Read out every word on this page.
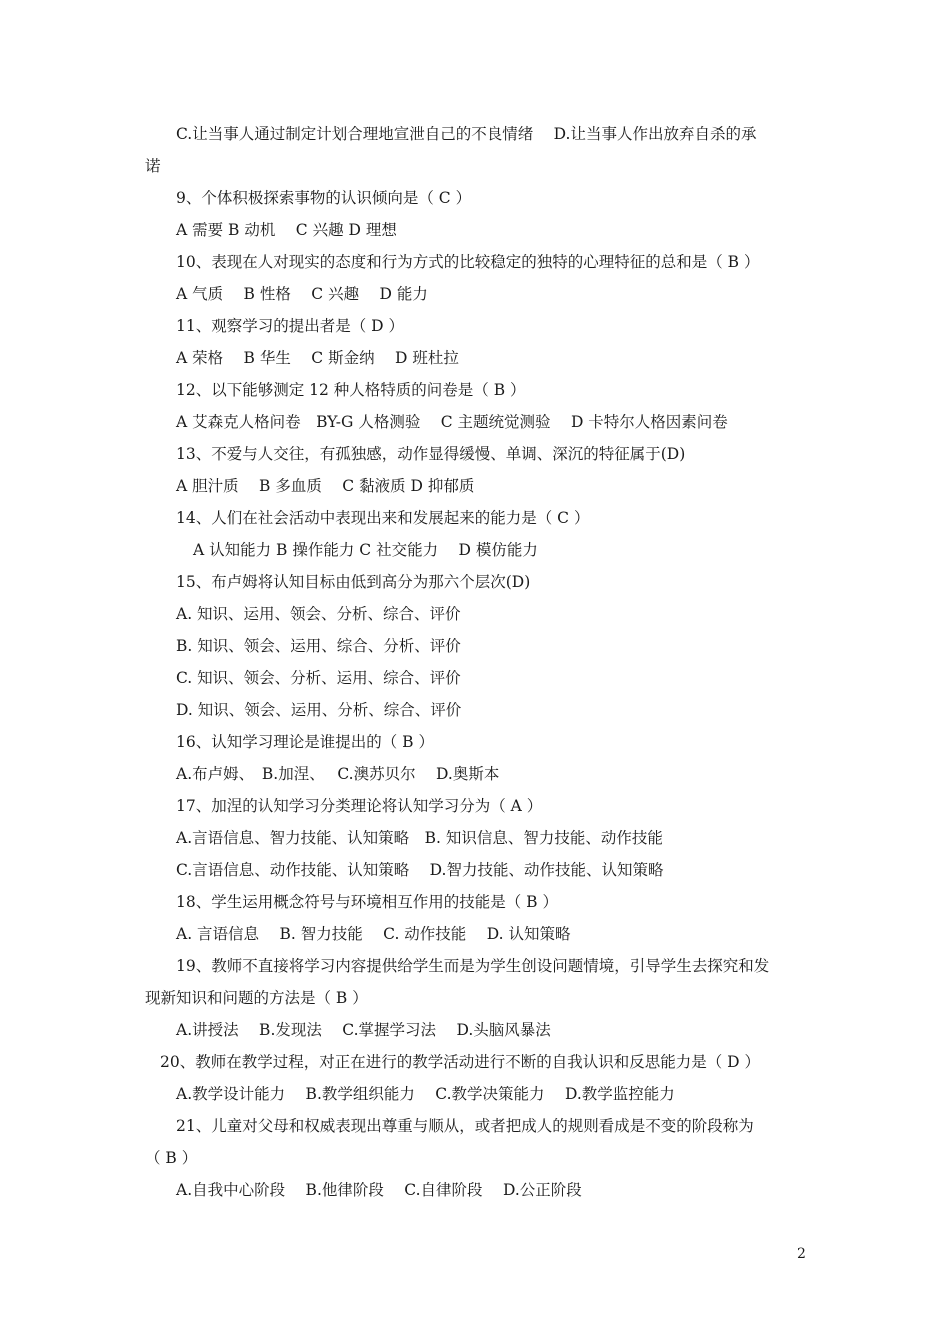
C.让当事人通过制定计划合理地宣泄自己的不良情绪　 D.让当事人作出放弃自杀的承
诺
9、个体积极探索事物的认识倾向是（ C ）
A 需要 B 动机　 C 兴趣 D 理想
10、表现在人对现实的态度和行为方式的比较稳定的独特的心理特征的总和是（ B ）
A 气质　 B 性格　 C 兴趣　 D 能力
11、观察学习的提出者是（ D ）
A 荣格　 B 华生　 C 斯金纳　 D 班杜拉
12、以下能够测定 12 种人格特质的问卷是（ B ）
A 艾森克人格问卷　BY-G 人格测验　 C 主题统觉测验　 D 卡特尔人格因素问卷
13、不爱与人交往，有孤独感，动作显得缓慢、单调、深沉的特征属于(D)
A 胆汁质　 B 多血质　 C 黏液质 D 抑郁质
14、人们在社会活动中表现出来和发展起来的能力是（ C ）
A 认知能力 B 操作能力 C 社交能力　 D 模仿能力
15、布卢姆将认知目标由低到高分为那六个层次(D)
A. 知识、运用、领会、分析、综合、评价
B. 知识、领会、运用、综合、分析、评价
C. 知识、领会、分析、运用、综合、评价
D. 知识、领会、运用、分析、综合、评价
16、认知学习理论是谁提出的（ B ）
A.布卢姆、　B.加涅、　 C.澳苏贝尔　 D.奥斯本
17、加涅的认知学习分类理论将认知学习分为（ A ）
A.言语信息、智力技能、认知策略　B. 知识信息、智力技能、动作技能
C.言语信息、动作技能、认知策略　 D.智力技能、动作技能、认知策略
18、学生运用概念符号与环境相互作用的技能是（ B ）
A. 言语信息　 B. 智力技能　 C. 动作技能　 D. 认知策略
19、教师不直接将学习内容提供给学生而是为学生创设问题情境，引导学生去探究和发
现新知识和问题的方法是（ B ）
A.讲授法　 B.发现法　 C.掌握学习法　 D.头脑风暴法
20、教师在教学过程，对正在进行的教学活动进行不断的自我认识和反思能力是（ D ）
A.教学设计能力　 B.教学组织能力　 C.教学决策能力　 D.教学监控能力
21、儿童对父母和权威表现出尊重与顺从，或者把成人的规则看成是不变的阶段称为
（ B ）
A.自我中心阶段　 B.他律阶段　 C.自律阶段　 D.公正阶段
2
